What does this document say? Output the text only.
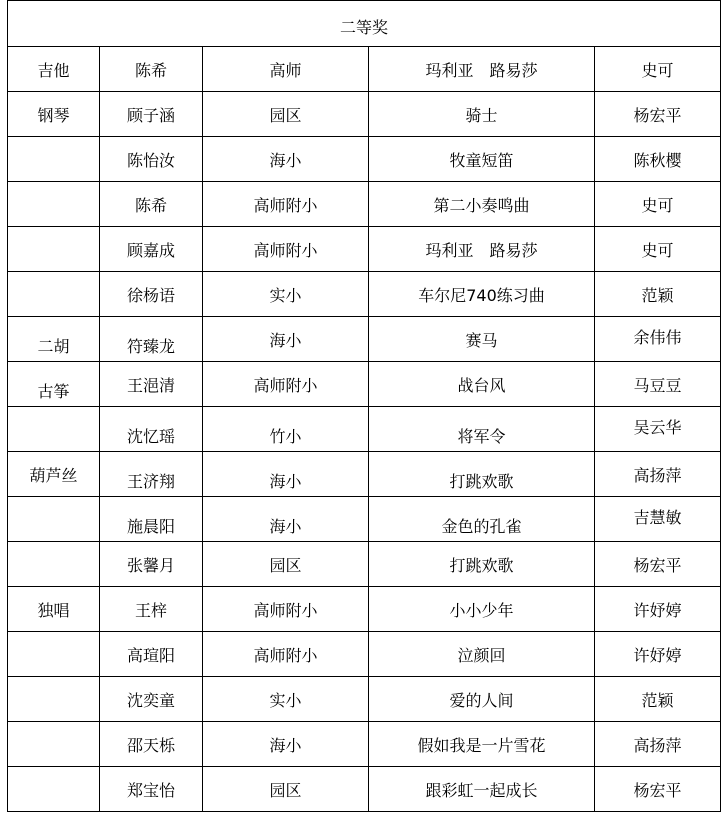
二等奖				
吉他	陈希	高师	玛利亚　路易莎	史可
钢琴	顾子涵	园区	骑士	杨宏平
	陈怡汝	海小	牧童短笛	陈秋樱
	陈希	高师附小	第二小奏鸣曲	史可
	顾嘉成	高师附小	玛利亚　路易莎	史可
	徐杨语	实小	车尔尼740练习曲	范颖
二胡	符臻龙	海小	赛马	余伟伟
古筝	王浥清	高师附小	战台风	马豆豆
	沈忆瑶	竹小	将军令	吴云华
葫芦丝	王济翔	海小	打跳欢歌	高扬萍
	施晨阳	海小	金色的孔雀	吉慧敏
	张馨月	园区	打跳欢歌	杨宏平
独唱	王梓	高师附小	小小少年	许妤婷
	高瑄阳	高师附小	泣颜回	许妤婷
	沈奕童	实小	爱的人间	范颖
	邵天栎	海小	假如我是一片雪花	高扬萍
	郑宝怡	园区	跟彩虹一起成长	杨宏平
